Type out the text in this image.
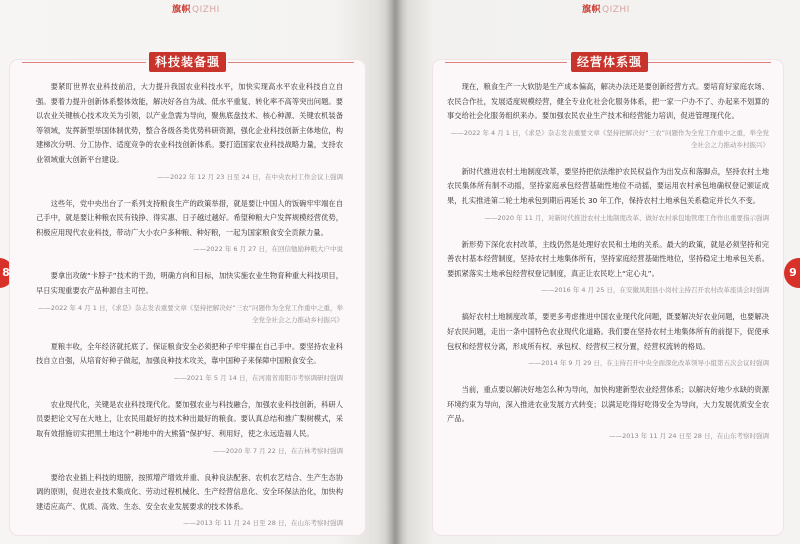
旗帜QIZHI
8
科技装备强

要紧盯世界农业科技前沿，大力提升我国农业科技水平，加快实现高水平农业科技自立自强。要着力提升创新体系整体效能，解决好各自为战、低水平重复、转化率不高等突出问题。要以农业关键核心技术攻关为引领，以产业急需为导向，聚焦底盘技术、核心种源、关键农机装备等领域，发挥新型举国体制优势，整合各级各类优势科研资源，强化企业科技创新主体地位，构建梯次分明、分工协作、适度竞争的农业科技创新体系。要打造国家农业科技战略力量，支持农业领域重大创新平台建设。

——2022 年 12 月 23 日至 24 日，在中央农村工作会议上强调

这些年，党中央出台了一系列支持粮食生产的政策举措，就是要让中国人的饭碗牢牢端在自己手中，就是要让种粮农民有钱挣、得实惠、日子越过越好。希望种粮大户发挥规模经营优势，积极应用现代农业科技，带动广大小农户多种粮、种好粮，一起为国家粮食安全贡献力量。

——2022 年 6 月 27 日，在回信勉励种粮大户中说

要拿出攻破“卡脖子”技术的干劲，明确方向和目标，加快实施农业生物育种重大科技项目，早日实现重要农产品种源自主可控。

——2022 年 4 月 1 日，《求是》杂志发表重要文章《坚持把解决好“三农”问题作为全党工作重中之重，举全党全社会之力推动乡村振兴》

夏粮丰收，全年经济就托底了。保证粮食安全必须把种子牢牢攥在自己手中。要坚持农业科技自立自强，从培育好种子做起，加强良种技术攻关，靠中国种子来保障中国粮食安全。

——2021 年 5 月 14 日，在河南省南阳市考察调研时强调

农业现代化，关键是农业科技现代化。要加强农业与科技融合，加强农业科技创新，科研人员要把论文写在大地上，让农民用最好的技术种出最好的粮食。要认真总结和推广梨树模式，采取有效措施切实把黑土地这个“耕地中的大熊猫”保护好、利用好，使之永远造福人民。

——2020 年 7 月 22 日，在吉林考察时强调

要给农业插上科技的翅膀，按照增产增效并重、良种良法配套、农机农艺结合、生产生态协调的原则，促进农业技术集成化、劳动过程机械化、生产经营信息化、安全环保法治化，加快构建适应高产、优质、高效、生态、安全农业发展要求的技术体系。

——2013 年 11 月 24 日至 28 日，在山东考察时强调
旗帜QIZHI
9
经营体系强

现在，粮食生产一大软肋是生产成本偏高，解决办法还是要创新经营方式。要培育好家庭农场、农民合作社，发展适度规模经营，健全专业化社会化服务体系，把一家一户办不了、办起来不划算的事交给社会化服务组织来办。要加强农民农业生产技术和经营能力培训，促进管理现代化。

——2022 年 4 月 1 日，《求是》杂志发表重要文章《坚持把解决好“三农”问题作为全党工作重中之重，举全党全社会之力推动乡村振兴》

新时代推进农村土地制度改革，要坚持把依法维护农民权益作为出发点和落脚点，坚持农村土地农民集体所有制不动摇，坚持家庭承包经营基础性地位不动摇，要运用农村承包地确权登记颁证成果，扎实推进第二轮土地承包到期后再延长 30 年工作，保持农村土地承包关系稳定并长久不变。

——2020 年 11 月，对新时代推进农村土地制度改革、做好农村承包地管理工作作出重要指示强调

新形势下深化农村改革，主线仍然是处理好农民和土地的关系。最大的政策，就是必须坚持和完善农村基本经营制度，坚持农村土地集体所有，坚持家庭经营基础性地位，坚持稳定土地承包关系。要抓紧落实土地承包经营权登记制度，真正让农民吃上“定心丸”。

——2016 年 4 月 25 日，在安徽凤阳县小岗村主持召开农村改革座谈会时强调

搞好农村土地制度改革，要更多考虑推进中国农业现代化问题，既要解决好农业问题，也要解决好农民问题，走出一条中国特色农业现代化道路。我们要在坚持农村土地集体所有的前提下，促使承包权和经营权分离，形成所有权、承包权、经营权三权分置，经营权流转的格局。

——2014 年 9 月 29 日，在主持召开中央全面深化改革领导小组第五次会议时强调

当前，重点要以解决好地怎么种为导向，加快构建新型农业经营体系；以解决好地少水缺的资源环境约束为导向，深入推进农业发展方式转变；以满足吃得好吃得安全为导向，大力发展优质安全农产品。

——2013 年 11 月 24 日至 28 日，在山东考察时强调
